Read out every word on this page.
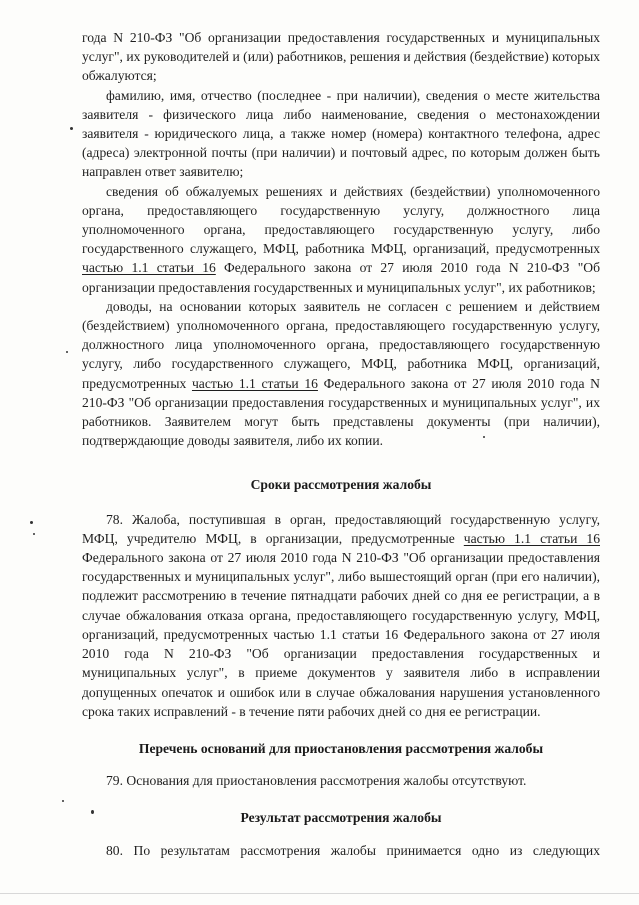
года N 210-ФЗ "Об организации предоставления государственных и муниципальных услуг", их руководителей и (или) работников, решения и действия (бездействие) которых обжалуются;

фамилию, имя, отчество (последнее - при наличии), сведения о месте жительства заявителя - физического лица либо наименование, сведения о местонахождении заявителя - юридического лица, а также номер (номера) контактного телефона, адрес (адреса) электронной почты (при наличии) и почтовый адрес, по которым должен быть направлен ответ заявителю;

сведения об обжалуемых решениях и действиях (бездействии) уполномоченного органа, предоставляющего государственную услугу, должностного лица уполномоченного органа, предоставляющего государственную услугу, либо государственного служащего, МФЦ, работника МФЦ, организаций, предусмотренных частью 1.1 статьи 16 Федерального закона от 27 июля 2010 года N 210-ФЗ "Об организации предоставления государственных и муниципальных услуг", их работников;

доводы, на основании которых заявитель не согласен с решением и действием (бездействием) уполномоченного органа, предоставляющего государственную услугу, должностного лица уполномоченного органа, предоставляющего государственную услугу, либо государственного служащего, МФЦ, работника МФЦ, организаций, предусмотренных частью 1.1 статьи 16 Федерального закона от 27 июля 2010 года N 210-ФЗ "Об организации предоставления государственных и муниципальных услуг", их работников. Заявителем могут быть представлены документы (при наличии), подтверждающие доводы заявителя, либо их копии.

Сроки рассмотрения жалобы

78. Жалоба, поступившая в орган, предоставляющий государственную услугу, МФЦ, учредителю МФЦ, в организации, предусмотренные частью 1.1 статьи 16 Федерального закона от 27 июля 2010 года N 210-ФЗ "Об организации предоставления государственных и муниципальных услуг", либо вышестоящий орган (при его наличии), подлежит рассмотрению в течение пятнадцати рабочих дней со дня ее регистрации, а в случае обжалования отказа органа, предоставляющего государственную услугу, МФЦ, организаций, предусмотренных частью 1.1 статьи 16 Федерального закона от 27 июля 2010 года N 210-ФЗ "Об организации предоставления государственных и муниципальных услуг", в приеме документов у заявителя либо в исправлении допущенных опечаток и ошибок или в случае обжалования нарушения установленного срока таких исправлений - в течение пяти рабочих дней со дня ее регистрации.

Перечень оснований для приостановления рассмотрения жалобы

79. Основания для приостановления рассмотрения жалобы отсутствуют.

Результат рассмотрения жалобы

80. По результатам рассмотрения жалобы принимается одно из следующих
